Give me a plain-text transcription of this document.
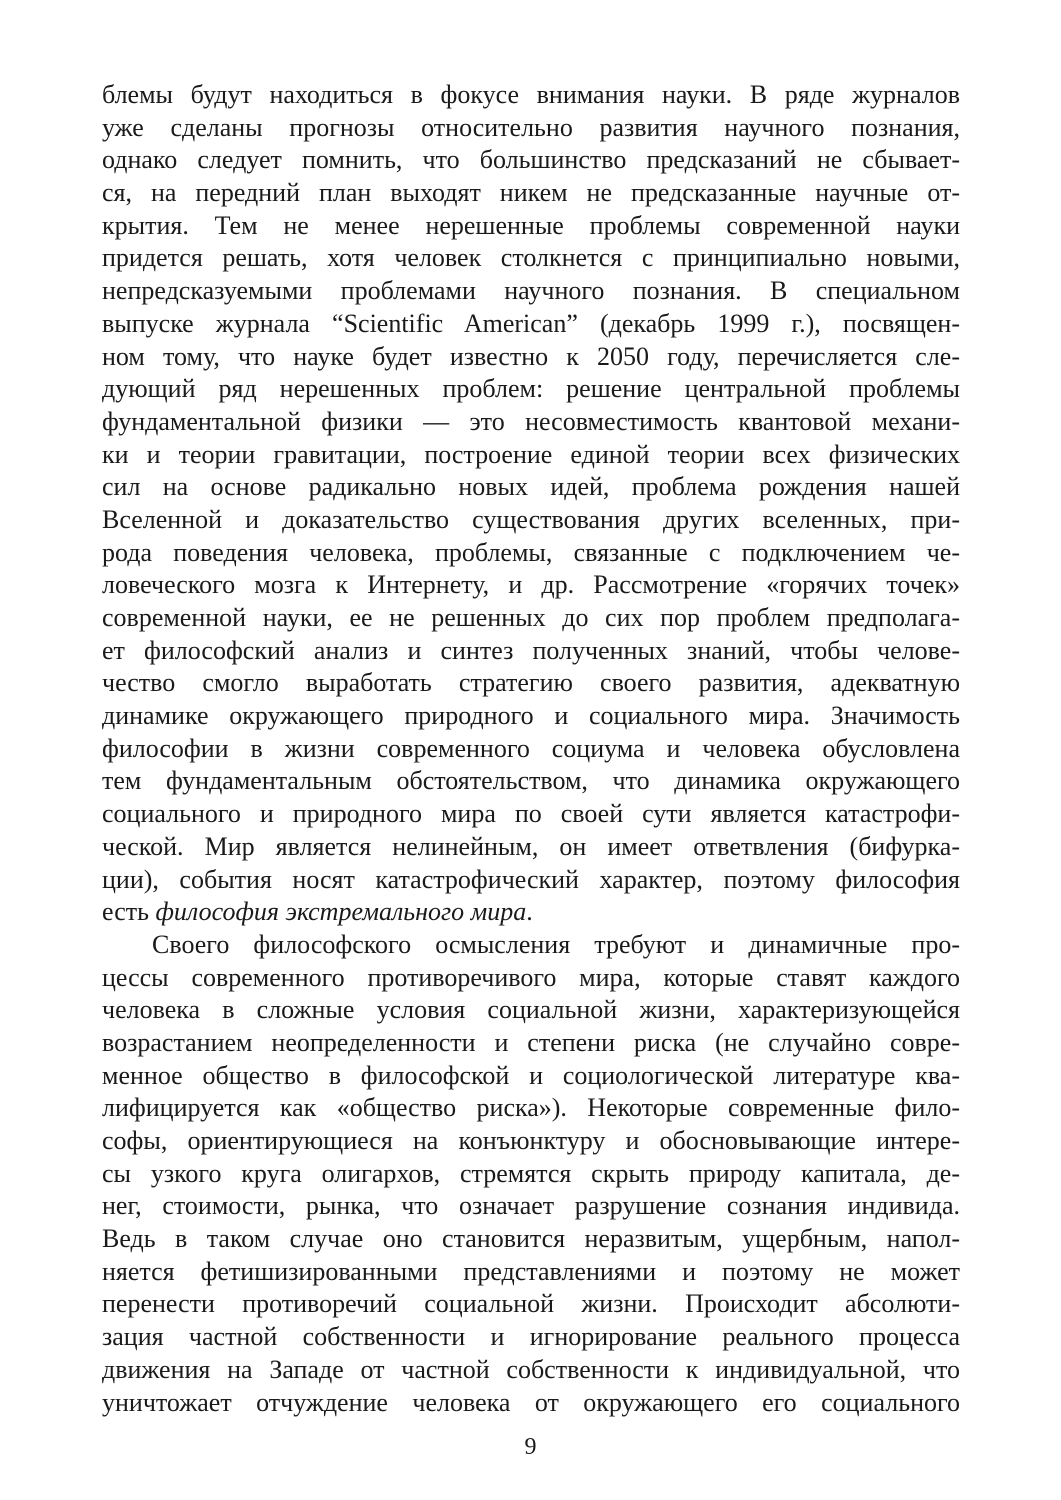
блемы будут находиться в фокусе внимания науки. В ряде журналов
уже сделаны прогнозы относительно развития научного познания,
однако следует помнить, что большинство предсказаний не сбывает-
ся, на передний план выходят никем не предсказанные научные от-
крытия. Тем не менее нерешенные проблемы современной науки
придется решать, хотя человек столкнется с принципиально новыми,
непредсказуемыми проблемами научного познания. В специальном
выпуске журнала “Scientific American” (декабрь 1999 г.), посвящен-
ном тому, что науке будет известно к 2050 году, перечисляется сле-
дующий ряд нерешенных проблем: решение центральной проблемы
фундаментальной физики — это несовместимость квантовой механи-
ки и теории гравитации, построение единой теории всех физических
сил на основе радикально новых идей, проблема рождения нашей
Вселенной и доказательство существования других вселенных, при-
рода поведения человека, проблемы, связанные с подключением че-
ловеческого мозга к Интернету, и др. Рассмотрение «горячих точек»
современной науки, ее не решенных до сих пор проблем предполага-
ет философский анализ и синтез полученных знаний, чтобы челове-
чество смогло выработать стратегию своего развития, адекватную
динамике окружающего природного и социального мира. Значимость
философии в жизни современного социума и человека обусловлена
тем фундаментальным обстоятельством, что динамика окружающего
социального и природного мира по своей сути является катастрофи-
ческой. Мир является нелинейным, он имеет ответвления (бифурка-
ции), события носят катастрофический характер, поэтому философия
есть философия экстремального мира.
Своего философского осмысления требуют и динамичные про-
цессы современного противоречивого мира, которые ставят каждого
человека в сложные условия социальной жизни, характеризующейся
возрастанием неопределенности и степени риска (не случайно совре-
менное общество в философской и социологической литературе ква-
лифицируется как «общество риска»). Некоторые современные фило-
софы, ориентирующиеся на конъюнктуру и обосновывающие интере-
сы узкого круга олигархов, стремятся скрыть природу капитала, де-
нег, стоимости, рынка, что означает разрушение сознания индивида.
Ведь в таком случае оно становится неразвитым, ущербным, напол-
няется фетишизированными представлениями и поэтому не может
перенести противоречий социальной жизни. Происходит абсолюти-
зация частной собственности и игнорирование реального процесса
движения на Западе от частной собственности к индивидуальной, что
уничтожает отчуждение человека от окружающего его социального
9
